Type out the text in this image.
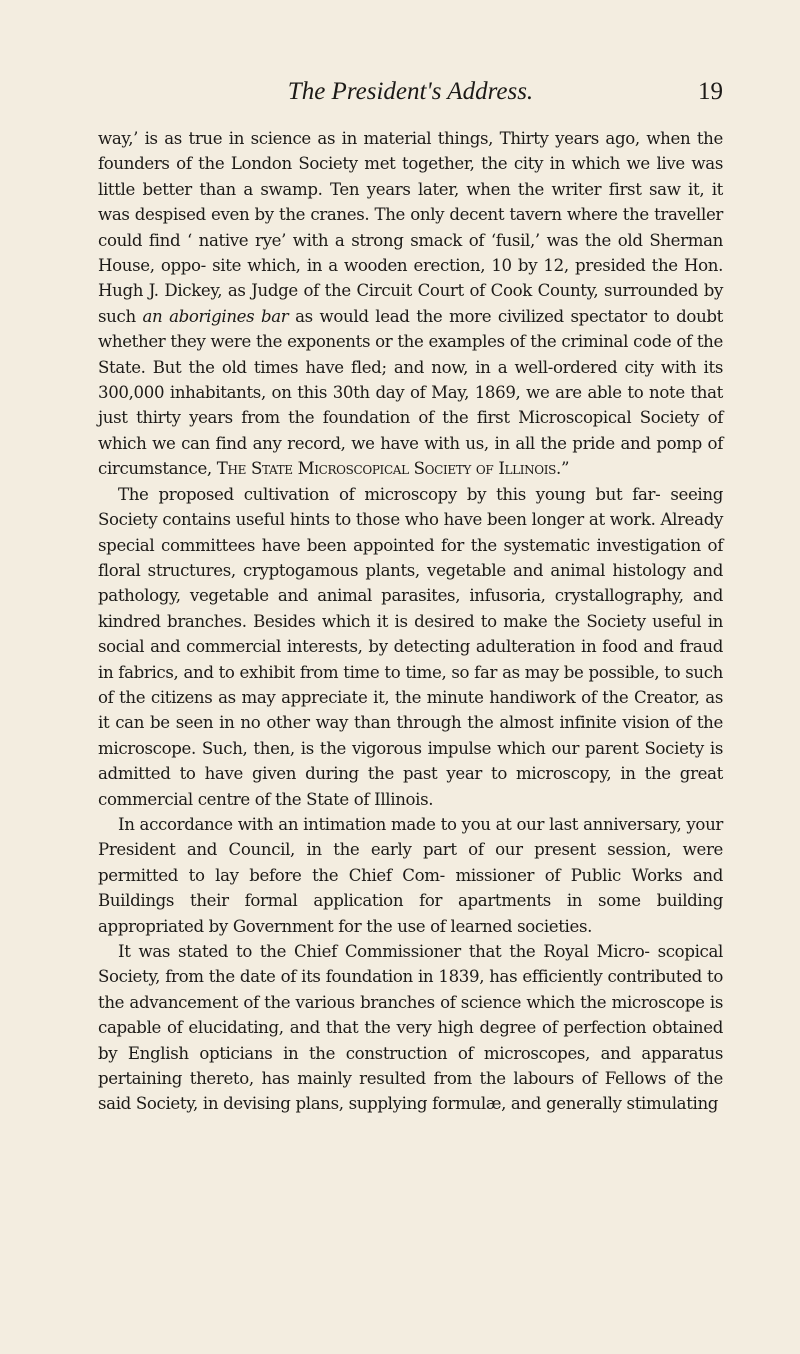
The President's Address.	19

way,’ is as true in science as in material things, Thirty years ago, when the founders of the London Society met together, the city in which we live was little better than a swamp. Ten years later, when the writer first saw it, it was despised even by the cranes. The only decent tavern where the traveller could find ‘ native rye’ with a strong smack of ‘fusil,’ was the old Sherman House, oppo- site which, in a wooden erection, 10 by 12, presided the Hon. Hugh J. Dickey, as Judge of the Circuit Court of Cook County, surrounded by such an aborigines bar as would lead the more civilized spectator to doubt whether they were the exponents or the examples of the criminal code of the State. But the old times have fled; and now, in a well-ordered city with its 300,000 inhabitants, on this 30th day of May, 1869, we are able to note that just thirty years from the foundation of the first Microscopical Society of which we can find any record, we have with us, in all the pride and pomp of circumstance, The State Microscopical Society of Illinois.”

The proposed cultivation of microscopy by this young but far- seeing Society contains useful hints to those who have been longer at work. Already special committees have been appointed for the systematic investigation of floral structures, cryptogamous plants, vegetable and animal histology and pathology, vegetable and animal parasites, infusoria, crystallography, and kindred branches. Besides which it is desired to make the Society useful in social and commercial interests, by detecting adulteration in food and fraud in fabrics, and to exhibit from time to time, so far as may be possible, to such of the citizens as may appreciate it, the minute handiwork of the Creator, as it can be seen in no other way than through the almost infinite vision of the microscope. Such, then, is the vigorous impulse which our parent Society is admitted to have given during the past year to microscopy, in the great commercial centre of the State of Illinois.

In accordance with an intimation made to you at our last anniversary, your President and Council, in the early part of our present session, were permitted to lay before the Chief Com- missioner of Public Works and Buildings their formal application for apartments in some building appropriated by Government for the use of learned societies.

It was stated to the Chief Commissioner that the Royal Micro- scopical Society, from the date of its foundation in 1839, has efficiently contributed to the advancement of the various branches of science which the microscope is capable of elucidating, and that the very high degree of perfection obtained by English opticians in the construction of microscopes, and apparatus pertaining thereto, has mainly resulted from the labours of Fellows of the said Society, in devising plans, supplying formulæ, and generally stimulating
